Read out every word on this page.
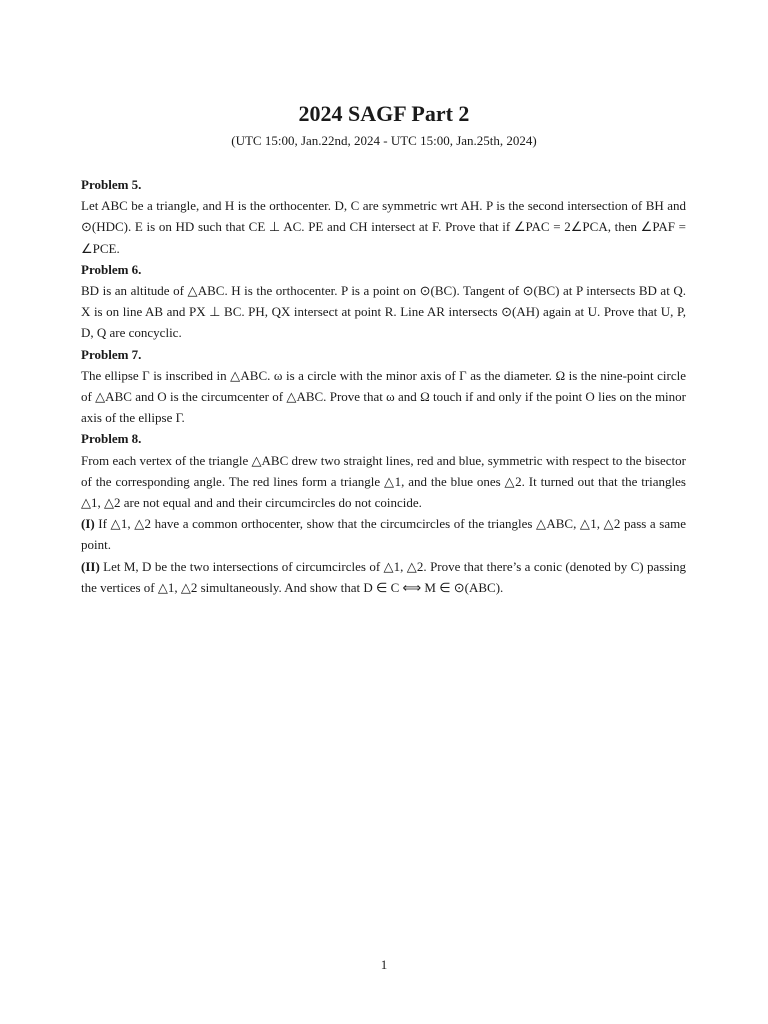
2024 SAGF Part 2
(UTC 15:00, Jan.22nd, 2024 - UTC 15:00, Jan.25th, 2024)

Problem 5.

Let ABC be a triangle, and H is the orthocenter. D, C are symmetric wrt AH. P is the second intersection of BH and ⊙(HDC). E is on HD such that CE ⊥ AC. PE and CH intersect at F. Prove that if ∠PAC = 2∠PCA, then ∠PAF = ∠PCE.

Problem 6.

BD is an altitude of △ABC. H is the orthocenter. P is a point on ⊙(BC). Tangent of ⊙(BC) at P intersects BD at Q. X is on line AB and PX ⊥ BC. PH, QX intersect at point R. Line AR intersects ⊙(AH) again at U. Prove that U, P, D, Q are concyclic.

Problem 7.

The ellipse Γ is inscribed in △ABC. ω is a circle with the minor axis of Γ as the diameter. Ω is the nine-point circle of △ABC and O is the circumcenter of △ABC. Prove that ω and Ω touch if and only if the point O lies on the minor axis of the ellipse Γ.

Problem 8.

From each vertex of the triangle △ABC drew two straight lines, red and blue, symmetric with respect to the bisector of the corresponding angle. The red lines form a triangle △1, and the blue ones △2. It turned out that the triangles △1, △2 are not equal and and their circumcircles do not coincide.

(I) If △1, △2 have a common orthocenter, show that the circumcircles of the triangles △ABC, △1, △2 pass a same point.

(II) Let M, D be the two intersections of circumcircles of △1, △2. Prove that there’s a conic (denoted by C) passing the vertices of △1, △2 simultaneously. And show that D ∈ C ⟺ M ∈ ⊙(ABC).

1
